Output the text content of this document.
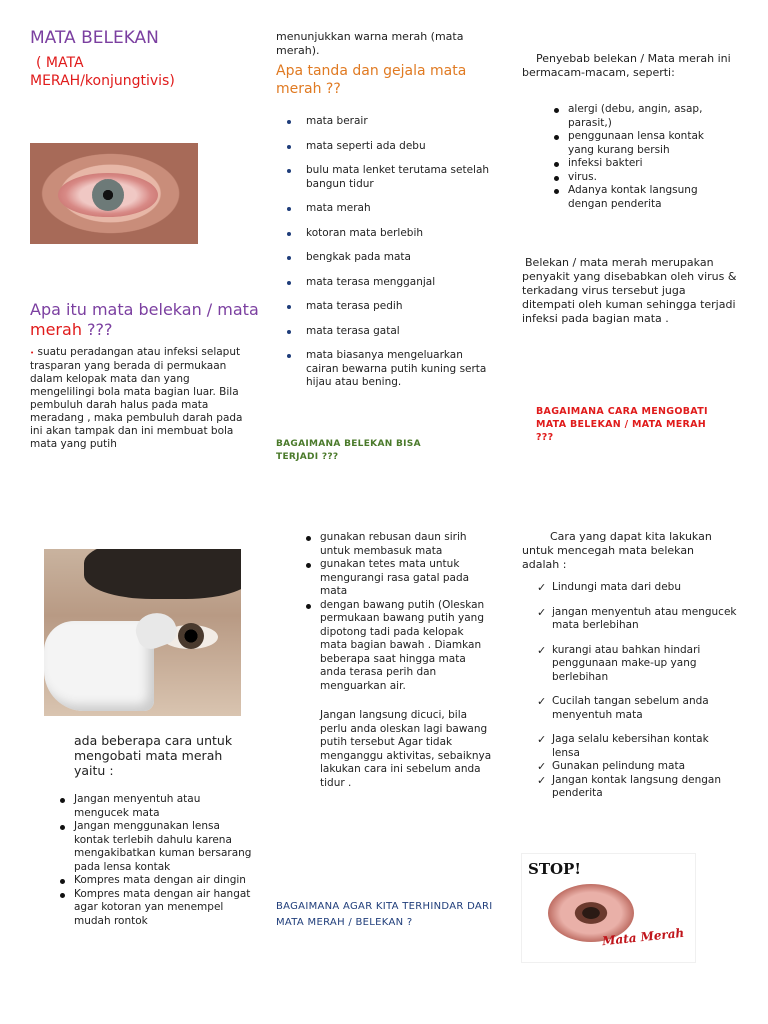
MATA BELEKAN
( MATA MERAH/konjungtivis)
Apa itu mata belekan / mata merah ???
• suatu peradangan atau infeksi selaput trasparan yang berada di permukaan dalam kelopak mata dan yang mengelilingi bola mata bagian luar. Bila pembuluh darah halus pada mata meradang , maka pembuluh darah pada ini akan tampak dan ini membuat bola mata yang putih
ada beberapa cara untuk mengobati mata merah yaitu :
Jangan menyentuh atau mengucek mata
Jangan menggunakan lensa kontak terlebih dahulu karena mengakibatkan kuman bersarang pada lensa kontak
Kompres mata dengan air dingin
Kompres mata dengan air hangat agar kotoran yan menempel mudah rontok
menunjukkan warna merah (mata merah).
Apa tanda dan gejala mata merah ??
mata berair
mata seperti ada debu
bulu mata lenket terutama setelah bangun tidur
mata merah
kotoran mata berlebih
bengkak pada mata
mata terasa mengganjal
mata terasa pedih
mata terasa gatal
mata biasanya mengeluarkan cairan bewarna putih kuning serta hijau atau bening.
BAGAIMANA BELEKAN BISA TERJADI ???
gunakan rebusan daun sirih untuk membasuk mata
gunakan tetes mata untuk mengurangi rasa gatal pada mata
dengan bawang putih (Oleskan permukaan bawang putih yang dipotong tadi pada kelopak mata bagian bawah . Diamkan beberapa saat hingga mata anda terasa perih dan menguarkan air.
Jangan langsung dicuci, bila perlu anda oleskan lagi bawang putih tersebut Agar tidak menganggu aktivitas, sebaiknya lakukan cara ini sebelum anda tidur .
BAGAIMANA AGAR KITA TERHINDAR DARI MATA MERAH / BELEKAN ?
Penyebab belekan / Mata merah ini bermacam-macam, seperti:
alergi (debu, angin, asap, parasit,)
penggunaan lensa kontak yang kurang bersih
infeksi bakteri
virus.
Adanya kontak langsung dengan penderita
Belekan / mata merah merupakan penyakit yang disebabkan oleh virus & terkadang virus tersebut juga ditempati oleh kuman sehingga terjadi infeksi pada bagian mata .
BAGAIMANA CARA MENGOBATI MATA BELEKAN / MATA MERAH ???
Cara yang dapat kita lakukan untuk mencegah mata belekan adalah :
✓ Lindungi mata dari debu
✓ jangan menyentuh atau mengucek mata berlebihan
✓ kurangi atau bahkan hindari penggunaan make-up yang berlebihan
✓ Cucilah tangan sebelum anda menyentuh mata
✓ Jaga selalu kebersihan kontak lensa
✓ Gunakan pelindung mata
✓ Jangan kontak langsung dengan penderita
STOP!
Mata Merah
